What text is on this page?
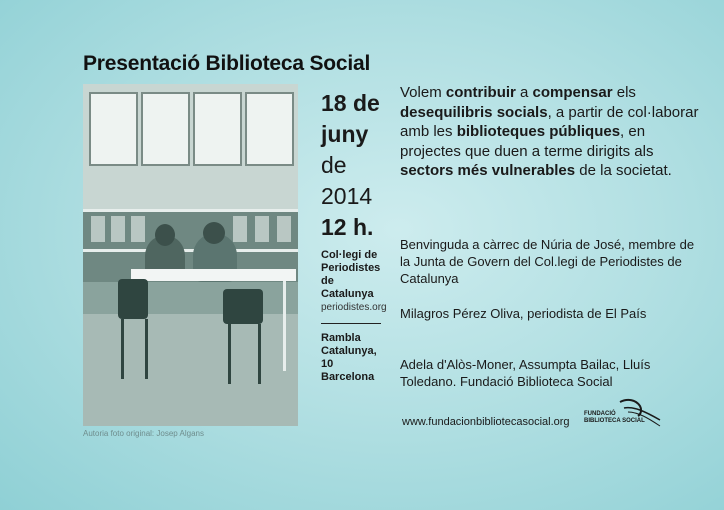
Presentació Biblioteca Social
Autoria foto original: Josep Algans
18 de
juny
de
2014
12 h.
Col·legi de
Periodistes
de
Catalunya
periodistes.org
Rambla
Catalunya,
10
Barcelona

Volem contribuir a compensar els desequilibris socials, a partir de col·laborar amb les biblioteques públiques, en projectes que duen a terme dirigits als sectors més vulnerables de la societat.

Benvinguda a càrrec de Núria de José, membre de la Junta de Govern del Col.legi de Periodistes de Catalunya

Milagros Pérez Oliva, periodista de El País

Adela d'Alòs-Moner, Assumpta Bailac, Lluís Toledano. Fundació Biblioteca Social

www.fundacionbibliotecasocial.org
FUNDACIÓ
BIBLIOTECA SOCIAL
